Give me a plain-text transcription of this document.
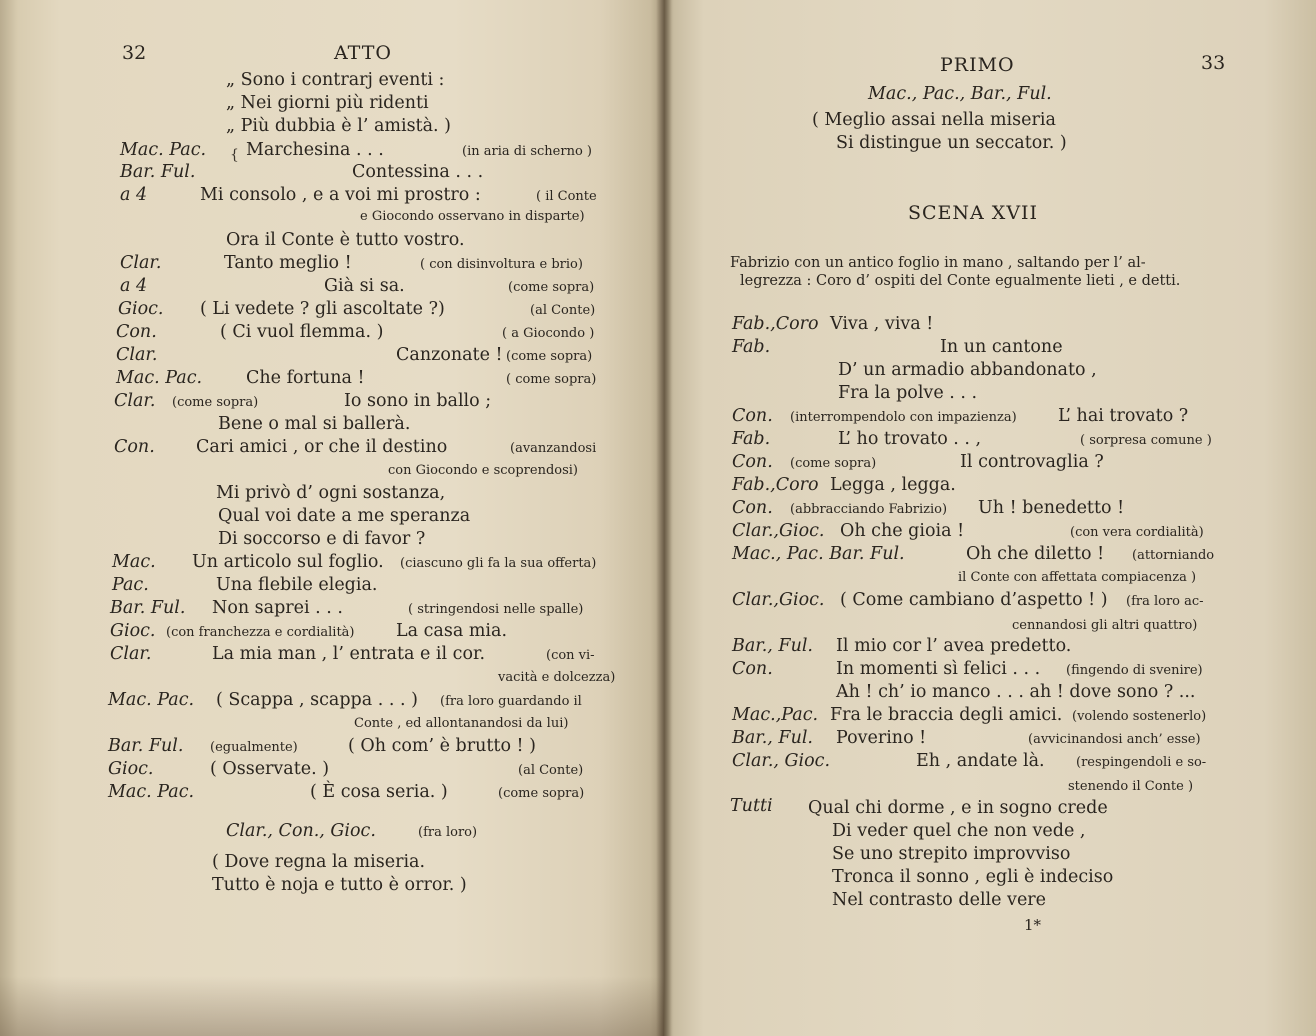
32	ATTO
{
„ Sono i contrarj eventi :
„ Nei giorni più ridenti
„ Più dubbia è l’ amistà. )
Mac. Pac. Marchesina . . .	(in aria di scherno )
Bar. Ful.	Contessina . . .
a 4	Mi consolo , e a voi mi prostro :	( il Conte
e Giocondo osservano in disparte)
Ora il Conte è tutto vostro.
Clar.	Tanto meglio !	( con disinvoltura e brio)
a 4	Già si sa.	(come sopra)
Gioc. ( Li vedete ? gli ascoltate ?)	(al Conte)
Con.	( Ci vuol flemma. )	( a Giocondo )
Clar.	Canzonate ! (come sopra)
Mac. Pac.	Che fortuna !	( come sopra)
Clar. (come sopra)	Io sono in ballo ;
Bene o mal si ballerà.
Con. Cari amici , or che il destino	(avanzandosi
con Giocondo e scoprendosi)
Mi privò d’ ogni sostanza,
Qual voi date a me speranza
Di soccorso e di favor ?
Mac. Un articolo sul foglio. (ciascuno gli fa la sua offerta)
Pac.	Una flebile elegia.
Bar. Ful. Non saprei . . .	( stringendosi nelle spalle)
Gioc. (con franchezza e cordialità) La casa mia.
Clar.	La mia man , l’ entrata e il cor.	(con vi-
vacità e dolcezza)
Mac. Pac. ( Scappa , scappa . . . ) (fra loro guardando il
Conte , ed allontanandosi da lui)
Bar. Ful. (egualmente)	( Oh com’ è brutto ! )
Gioc.	( Osservate. )	(al Conte)
Mac. Pac.	( È cosa seria. )	(come sopra)
Clar., Con., Gioc.	(fra loro)
( Dove regna la miseria.
Tutto è noja e tutto è orror. )
PRIMO	33
SCENA XVII
Fabrizio con un antico foglio in mano , saltando per l’ al-
legrezza : Coro d’ ospiti del Conte egualmente lieti , e detti.
1*
Mac., Pac., Bar., Ful.
( Meglio assai nella miseria
Si distingue un seccator. )
Fab.,Coro Viva , viva !
Fab.	In un cantone
D’ un armadio abbandonato ,
Fra la polve . . .
Con. (interrompendolo con impazienza) L’ hai trovato ?
Fab.	L’ ho trovato . . ,	( sorpresa comune )
Con. (come sopra)	Il controvaglia ?
Fab.,Coro Legga , legga.
Con. (abbracciando Fabrizio) Uh ! benedetto !
Clar.,Gioc. Oh che gioia !	(con vera cordialità)
Mac., Pac. Bar. Ful.	Oh che diletto ! (attorniando
il Conte con affettata compiacenza )
Clar.,Gioc. ( Come cambiano d’aspetto ! ) (fra loro ac-
cennandosi gli altri quattro)
Bar., Ful. Il mio cor l’ avea predetto.
Con.	In momenti sì felici . . . (fingendo di svenire)
Ah ! ch’ io manco . . . ah ! dove sono ? ...
Mac.,Pac. Fra le braccia degli amici. (volendo sostenerlo)
Bar., Ful. Poverino !	(avvicinandosi anch’ esse)
Clar., Gioc.	Eh , andate là. (respingendoli e so-
stenendo il Conte )
Tutti Qual chi dorme , e in sogno crede
Di veder quel che non vede ,
Se uno strepito improvviso
Tronca il sonno , egli è indeciso
Nel contrasto delle vere
